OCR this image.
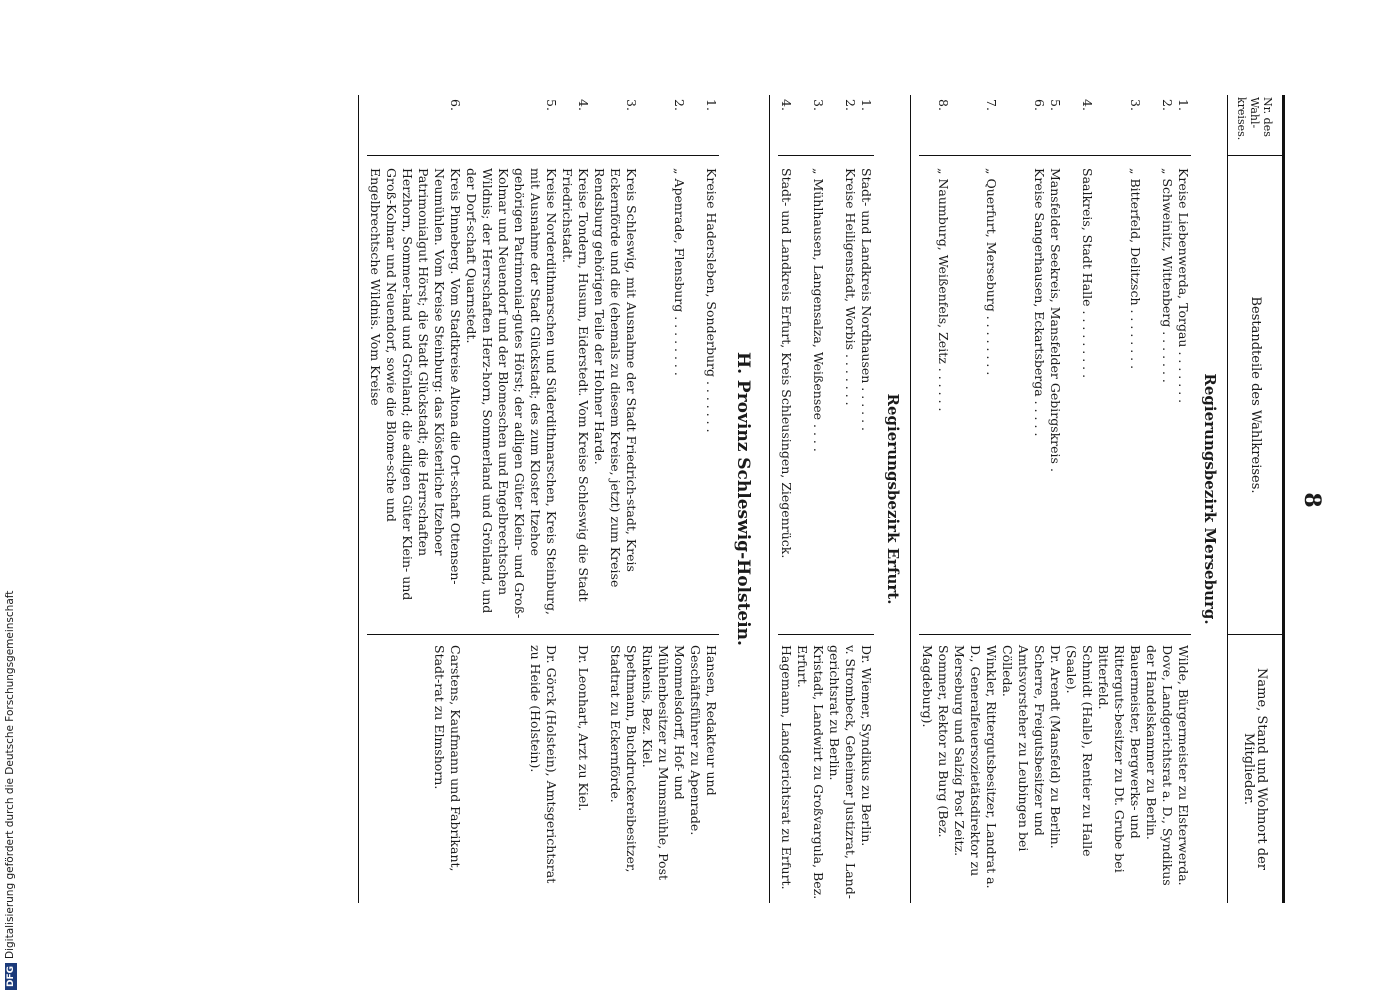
8
Nr. des Wahl-kreises.
Bestandteile des Wahlkreises.
Name, Stand und Wohnort der Mitglieder.
Regierungsbezirk Merseburg.
1.
Kreise Liebenwerda, Torgau . . . . . . .
Wilde, Bürgermeister zu Elsterwerda.
2.
„ Schweinitz, Wittenberg . . . . . . .
Dove, Landgerichtsrat a. D., Syndikus der Handelskammer zu Berlin.
3.
„ Bitterfeld, Delitzsch . . . . . . . .
Bauermeister, Bergwerks- und Ritterguts-besitzer zu Dt. Grube bei Bitterfeld.
4.
Saalkreis, Stadt Halle . . . . . . . . .
Schmidt (Halle), Rentier zu Halle (Saale).
5.
Mansfelder Seekreis, Mansfelder Gebirgskreis .
Dr. Arendt (Mansfeld) zu Berlin.
6.
Kreise Sangerhausen, Eckartsberga . . . . .
Scherre, Freigutsbesitzer und Amtsvorsteher zu Leubingen bei Cölleda.
7.
„ Querfurt, Merseburg . . . . . . . .
Winkler, Rittergutsbesitzer, Landrat a. D., Generalfeuersozietätsdirektor zu Merseburg und Salzig Post Zeitz.
8.
„ Naumburg, Weißenfels, Zeitz . . . . . .
Sommer, Rektor zu Burg (Bez. Magdeburg).
Regierungsbezirk Erfurt.
1.
Stadt- und Landkreis Nordhausen . . . . . .
Dr. Wiemer, Syndikus zu Berlin.
2.
Kreise Heiligenstadt, Worbis . . . . . . .
v. Strombeck, Geheimer Justizrat, Land-gerichtsrat zu Berlin.
3.
„ Mühlhausen, Langensalza, Weißensee . . . .
Kristadt, Landwirt zu Großvargula, Bez. Erfurt.
4.
Stadt- und Landkreis Erfurt, Kreis Schleusingen, Ziegenrück.
Hagemann, Landgerichtsrat zu Erfurt.
H. Provinz Schleswig-Holstein.
1.
Kreise Hadersleben, Sonderburg . . . . . . .
Hansen, Redakteur und Geschäftsführer zu Apenrade.
2.
„ Apenrade, Flensburg . . . . . . . .
Mommelsdorff, Hof- und Mühlenbesitzer zu Mumsmühle, Post Rinkenis, Bez. Kiel.
3.
Kreis Schleswig, mit Ausnahme der Stadt Friedrich-stadt, Kreis Eckernförde und die (ehemals zu diesem Kreise, jetzt) zum Kreise Rendsburg gehörigen Teile der Hohner Harde.
Spethmann, Buchdruckereibesitzer, Stadtrat zu Eckernförde.
4.
Kreise Tondern, Husum, Eiderstedt. Vom Kreise Schleswig die Stadt Friedrichstadt.
Dr. Leonhart, Arzt zu Kiel.
5.
Kreise Norderdithmarschen und Süderdithmarschen, Kreis Steinburg, mit Ausnahme der Stadt Glückstadt; des zum Kloster Itzehoe gehörigen Patrimonial-gutes Hörst; der adligen Güter Klein- und Groß-Kolmar und Neuendorf und der Blomeschen und Engelbrechtschen Wildnis; der Herrschaften Herz-horn, Sommerland und Grönland, und der Dorf-schaft Quarnstedt.
Dr. Görck (Holstein), Amtsgerichtsrat zu Heide (Holstein).
6.
Kreis Pinneberg. Vom Stadtkreise Altona die Ort-schaft Ottensen-Neumühlen. Vom Kreise Steinburg: das Klösterliche Itzehoer Patrimonialgut Hörst; die Stadt Glückstadt; die Herrschaften Herzhorn, Sommer-land und Grönland; die adligen Güter Klein- und Groß-Kolmar und Neuendorf, sowie die Blome-sche und Engelbrechtsche Wildnis. Vom Kreise
Carstens, Kaufmann und Fabrikant, Stadt-rat zu Elmshorn.
DFGDigitalisierung gefördert durch die Deutsche Forschungsgemeinschaft
